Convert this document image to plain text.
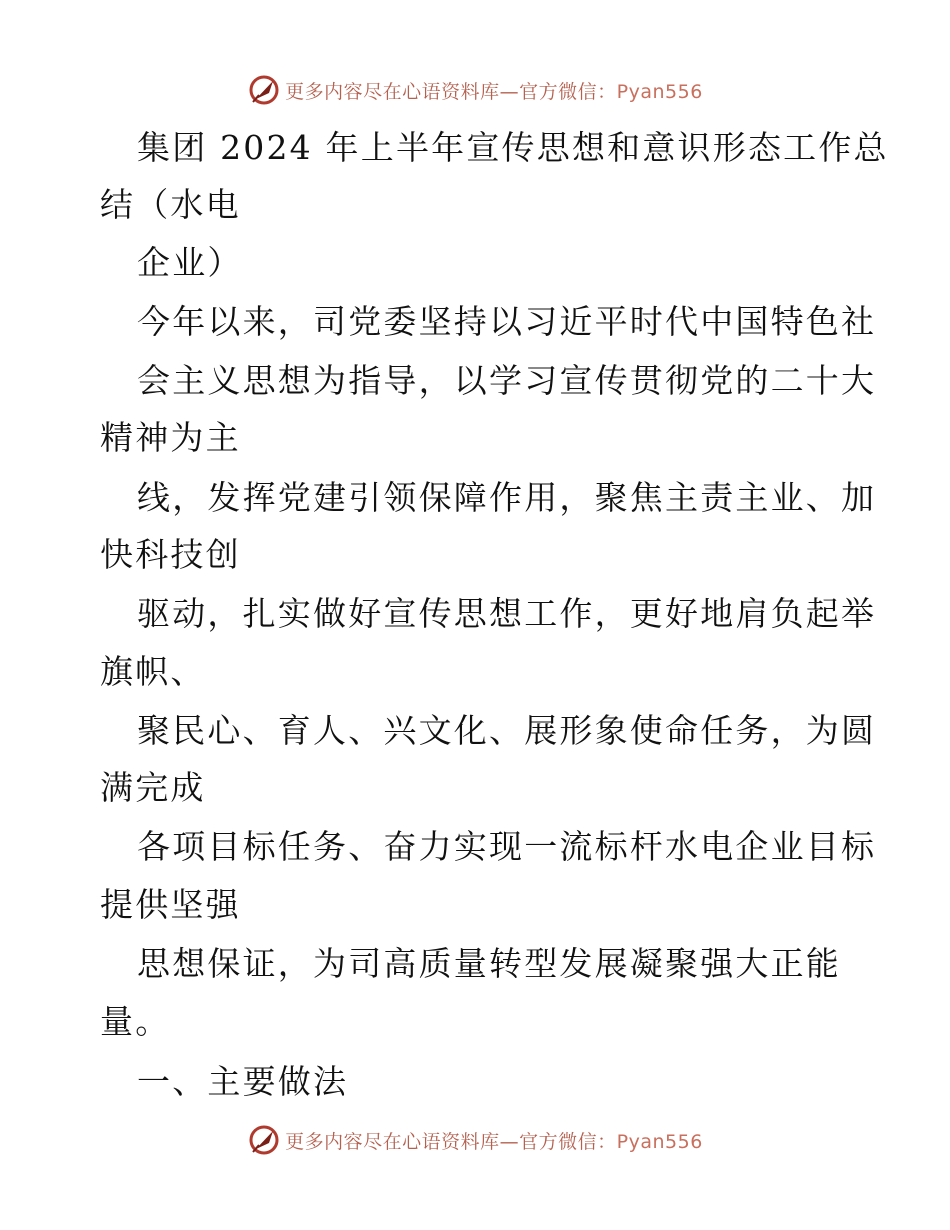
更多内容尽在心语资料库—官方微信：Pyan556
集团 2024 年上半年宣传思想和意识形态工作总
结（水电
企业）
今年以来，司党委坚持以习近平时代中国特色社
会主义思想为指导，以学习宣传贯彻党的二十大
精神为主
线，发挥党建引领保障作用，聚焦主责主业、加
快科技创
驱动，扎实做好宣传思想工作，更好地肩负起举
旗帜、
聚民心、育人、兴文化、展形象使命任务，为圆
满完成
各项目标任务、奋力实现一流标杆水电企业目标
提供坚强
思想保证，为司高质量转型发展凝聚强大正能
量。
一、主要做法
更多内容尽在心语资料库—官方微信：Pyan556
